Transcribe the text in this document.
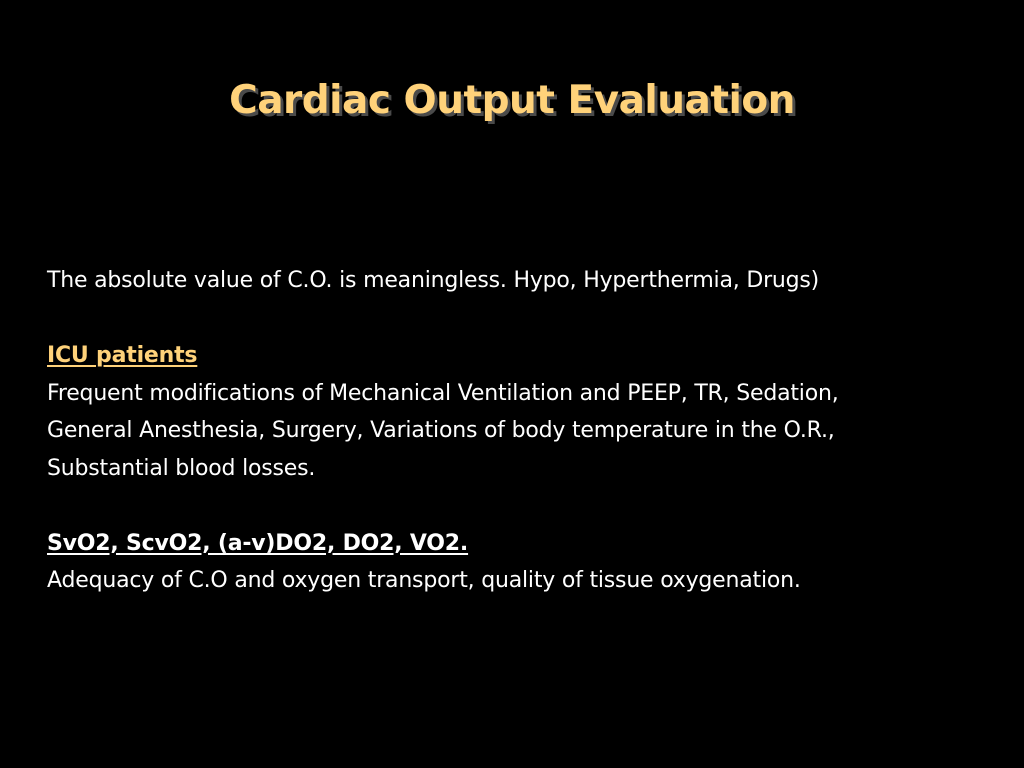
Cardiac Output Evaluation
The absolute value of C.O. is meaningless. Hypo, Hyperthermia, Drugs)
ICU patients
Frequent modifications of Mechanical Ventilation and PEEP, TR, Sedation,
General Anesthesia, Surgery, Variations of body temperature in the O.R.,
Substantial blood losses.
SvO2, ScvO2, (a-v)DO2, DO2, VO2.
Adequacy of C.O and oxygen transport, quality of tissue oxygenation.
